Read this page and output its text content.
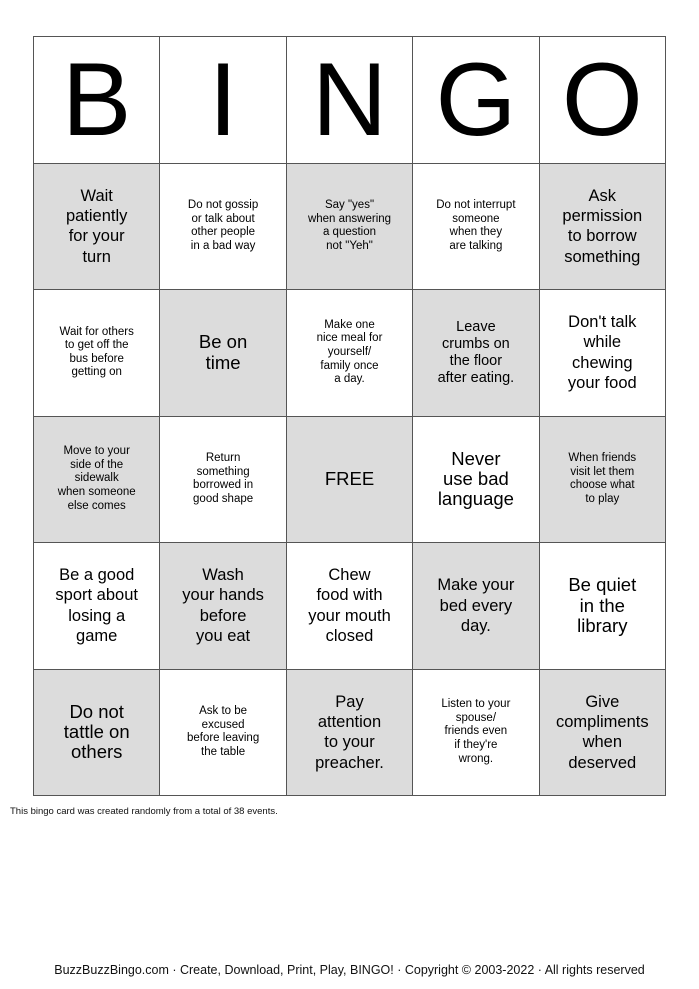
B I N G O
Wait
patiently
for your
turn
Do not gossip
or talk about
other people
in a bad way
Say "yes"
when answering
a question
not "Yeh"
Do not interrupt
someone
when they
are talking
Ask
permission
to borrow
something
Wait for others
to get off the
bus before
getting on
Be on
time
Make one
nice meal for
yourself/
family once
a day.
Leave
crumbs on
the floor
after eating.
Don't talk
while
chewing
your food
Move to your
side of the
sidewalk
when someone
else comes
Return
something
borrowed in
good shape
FREE
Never
use bad
language
When friends
visit let them
choose what
to play
Be a good
sport about
losing a
game
Wash
your hands
before
you eat
Chew
food with
your mouth
closed
Make your
bed every
day.
Be quiet
in the
library
Do not
tattle on
others
Ask to be
excused
before leaving
the table
Pay
attention
to your
preacher.
Listen to your
spouse/
friends even
if they're
wrong.
Give
compliments
when
deserved
This bingo card was created randomly from a total of 38 events.
BuzzBuzzBingo.com · Create, Download, Print, Play, BINGO! · Copyright © 2003-2022 · All rights reserved
